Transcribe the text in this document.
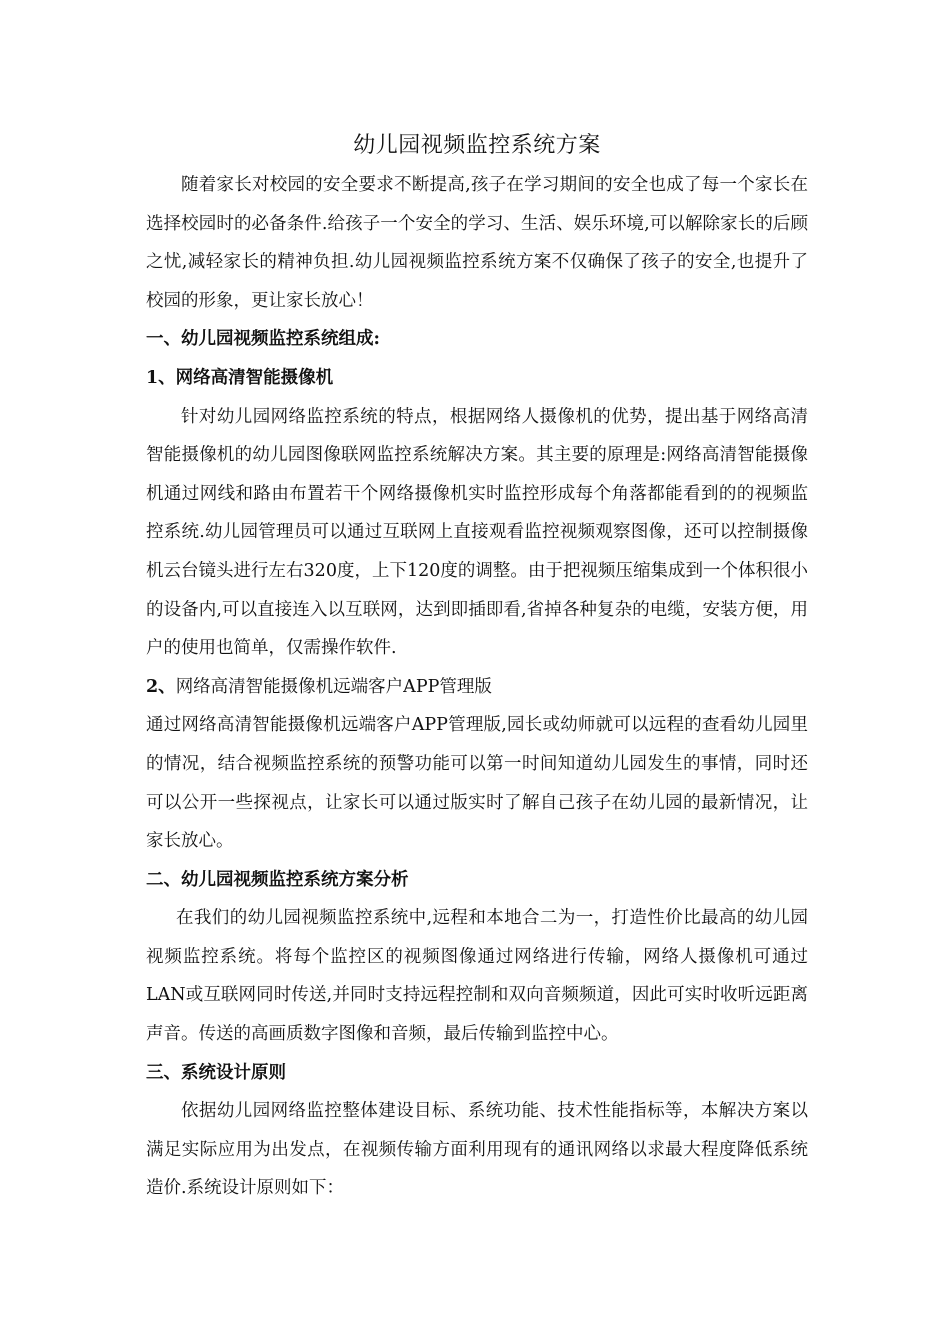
幼儿园视频监控系统方案

随着家长对校园的安全要求不断提高,孩子在学习期间的安全也成了每一个家长在选择校园时的必备条件.给孩子一个安全的学习、生活、娱乐环境,可以解除家长的后顾之忧,减轻家长的精神负担.幼儿园视频监控系统方案不仅确保了孩子的安全,也提升了校园的形象，更让家长放心！

一、幼儿园视频监控系统组成:

1、网络高清智能摄像机

针对幼儿园网络监控系统的特点，根据网络人摄像机的优势，提出基于网络高清智能摄像机的幼儿园图像联网监控系统解决方案。其主要的原理是:网络高清智能摄像机通过网线和路由布置若干个网络摄像机实时监控形成每个角落都能看到的的视频监控系统.幼儿园管理员可以通过互联网上直接观看监控视频观察图像，还可以控制摄像机云台镜头进行左右320度，上下120度的调整。由于把视频压缩集成到一个体积很小的设备内,可以直接连入以互联网，达到即插即看,省掉各种复杂的电缆，安装方便，用户的使用也简单，仅需操作软件.

2、网络高清智能摄像机远端客户APP管理版

通过网络高清智能摄像机远端客户APP管理版,园长或幼师就可以远程的查看幼儿园里的情况，结合视频监控系统的预警功能可以第一时间知道幼儿园发生的事情，同时还可以公开一些探视点，让家长可以通过版实时了解自己孩子在幼儿园的最新情况，让家长放心。

二、幼儿园视频监控系统方案分析

在我们的幼儿园视频监控系统中,远程和本地合二为一，打造性价比最高的幼儿园视频监控系统。将每个监控区的视频图像通过网络进行传输，网络人摄像机可通过LAN或互联网同时传送,并同时支持远程控制和双向音频频道，因此可实时收听远距离声音。传送的高画质数字图像和音频，最后传输到监控中心。

三、系统设计原则

依据幼儿园网络监控整体建设目标、系统功能、技术性能指标等，本解决方案以满足实际应用为出发点，在视频传输方面利用现有的通讯网络以求最大程度降低系统造价.系统设计原则如下：
